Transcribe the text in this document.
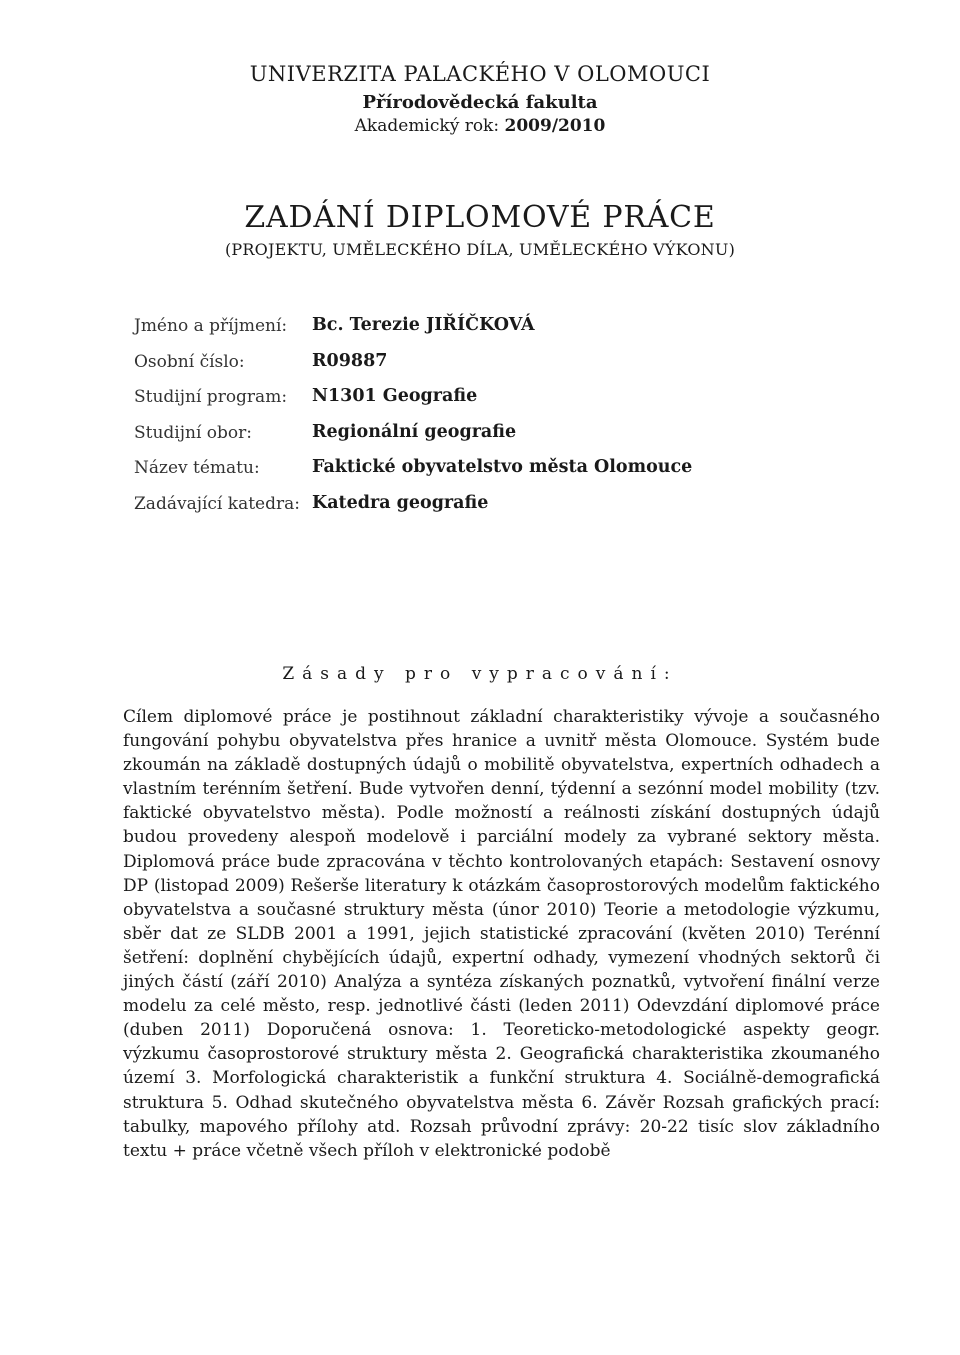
UNIVERZITA PALACKÉHO V OLOMOUCI
Přírodovědecká fakulta
Akademický rok: 2009/2010
ZADÁNÍ DIPLOMOVÉ PRÁCE
(PROJEKTU, UMĚLECKÉHO DÍLA, UMĚLECKÉHO VÝKONU)
Jméno a příjmení: Bc. Terezie JIŘÍČKOVÁ
Osobní číslo:	R09887
Studijní program: N1301 Geografie
Studijní obor:	Regionální geografie
Název tématu:	Faktické obyvatelstvo města Olomouce
Zadávající katedra: Katedra geografie
Zásady pro vypracování:
Cílem diplomové práce je postihnout základní charakteristiky vývoje a současného fungování pohybu obyvatelstva přes hranice a uvnitř města Olomouce. Systém bude zkoumán na základě dostupných údajů o mobilitě obyvatelstva, expertních odhadech a vlastním terénním šetření. Bude vytvořen denní, týdenní a sezónní model mobility (tzv. faktické obyvatelstvo města). Podle možností a reálnosti získání dostupných údajů budou provedeny alespoň modelově i parciální modely za vybrané sektory města. Diplomová práce bude zpracována v těchto kontrolovaných etapách: Sestavení osnovy DP (listopad 2009) Rešerše literatury k otázkám časoprostorových modelům faktického obyvatelstva a současné struktury města (únor 2010) Teorie a metodologie výzkumu, sběr dat ze SLDB 2001 a 1991, jejich statistické zpracování (květen 2010) Terénní šetření: doplnění chybějících údajů, expertní odhady, vymezení vhodných sektorů či jiných částí (září 2010) Analýza a syntéza získaných poznatků, vytvoření finální verze modelu za celé město, resp. jednotlivé části (leden 2011) Odevzdání diplomové práce (duben 2011) Doporučená osnova: 1. Teoreticko-metodologické aspekty geogr. výzkumu časoprostorové struktury města 2. Geografická charakteristika zkoumaného území 3. Morfologická charakteristik a funkční struktura 4. Sociálně-demografická struktura 5. Odhad skutečného obyvatelstva města 6. Závěr Rozsah grafických prací: tabulky, mapového přílohy atd. Rozsah průvodní zprávy: 20-22 tisíc slov základního textu + práce včetně všech příloh v elektronické podobě
